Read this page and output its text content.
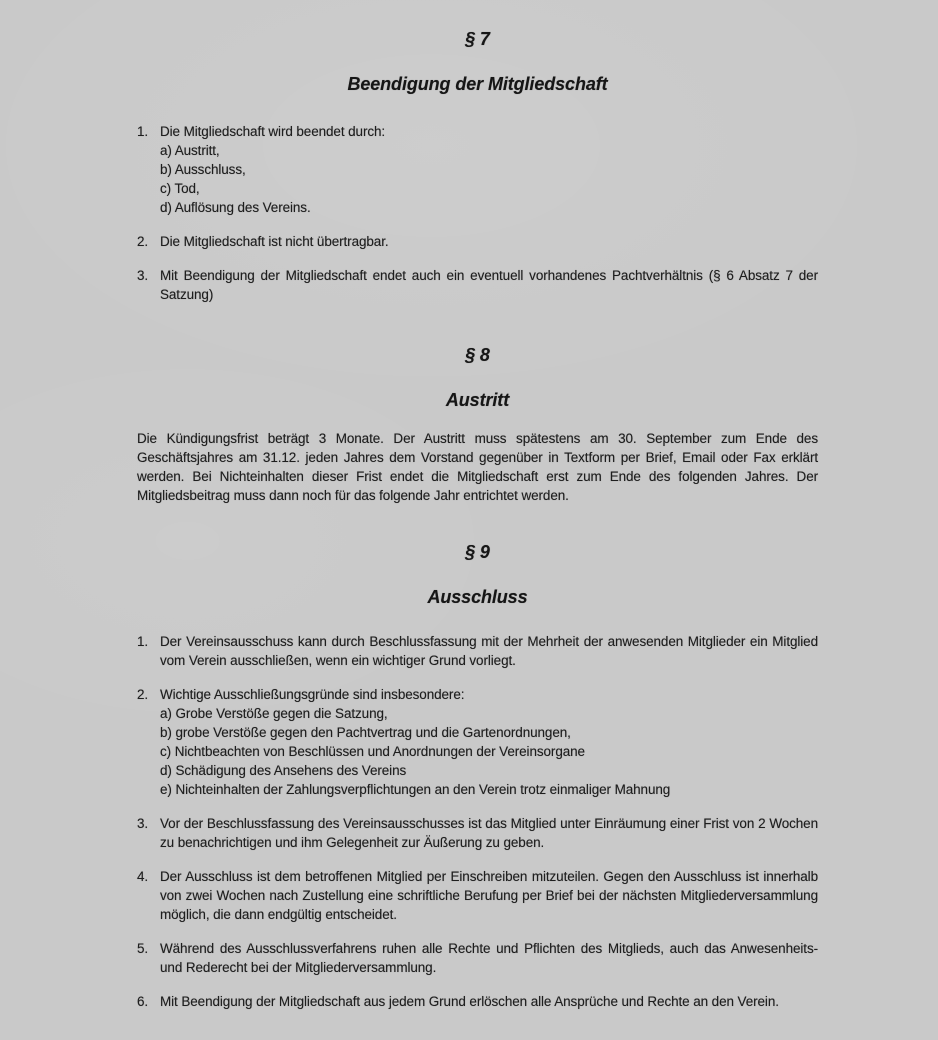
§ 7
Beendigung der Mitgliedschaft
1. Die Mitgliedschaft wird beendet durch:
a) Austritt,
b) Ausschluss,
c) Tod,
d) Auflösung des Vereins.
2. Die Mitgliedschaft ist nicht übertragbar.
3. Mit Beendigung der Mitgliedschaft endet auch ein eventuell vorhandenes Pachtverhältnis (§ 6 Absatz 7 der Satzung)
§ 8
Austritt

Die Kündigungsfrist beträgt 3 Monate. Der Austritt muss spätestens am 30. September zum Ende des Geschäftsjahres am 31.12. jeden Jahres dem Vorstand gegenüber in Textform per Brief, Email oder Fax erklärt werden. Bei Nichteinhalten dieser Frist endet die Mitgliedschaft erst zum Ende des folgenden Jahres. Der Mitgliedsbeitrag muss dann noch für das folgende Jahr entrichtet werden.

§ 9
Ausschluss
1. Der Vereinsausschuss kann durch Beschlussfassung mit der Mehrheit der anwesenden Mitglieder ein Mitglied vom Verein ausschließen, wenn ein wichtiger Grund vorliegt.
2. Wichtige Ausschließungsgründe sind insbesondere:
a) Grobe Verstöße gegen die Satzung,
b) grobe Verstöße gegen den Pachtvertrag und die Gartenordnungen,
c) Nichtbeachten von Beschlüssen und Anordnungen der Vereinsorgane
d) Schädigung des Ansehens des Vereins
e) Nichteinhalten der Zahlungsverpflichtungen an den Verein trotz einmaliger Mahnung
3. Vor der Beschlussfassung des Vereinsausschusses ist das Mitglied unter Einräumung einer Frist von 2 Wochen zu benachrichtigen und ihm Gelegenheit zur Äußerung zu geben.
4. Der Ausschluss ist dem betroffenen Mitglied per Einschreiben mitzuteilen. Gegen den Ausschluss ist innerhalb von zwei Wochen nach Zustellung eine schriftliche Berufung per Brief bei der nächsten Mitgliederversammlung möglich, die dann endgültig entscheidet.
5. Während des Ausschlussverfahrens ruhen alle Rechte und Pflichten des Mitglieds, auch das Anwesenheits- und Rederecht bei der Mitgliederversammlung.
6. Mit Beendigung der Mitgliedschaft aus jedem Grund erlöschen alle Ansprüche und Rechte an den Verein.
